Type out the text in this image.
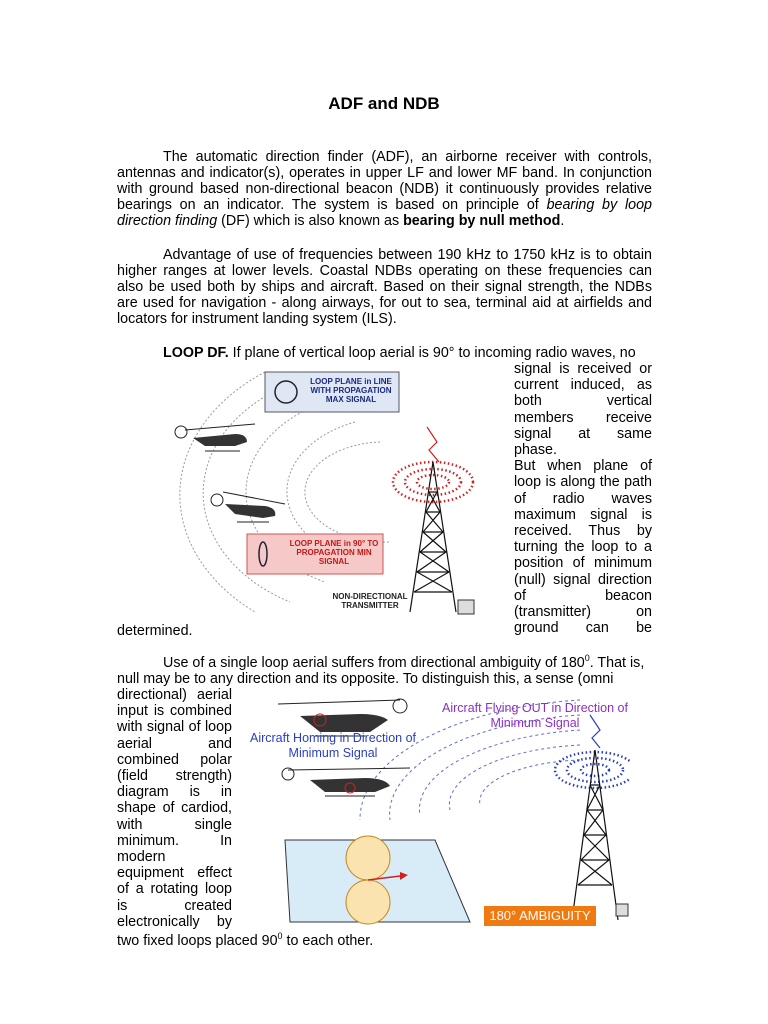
ADF and NDB

The automatic direction finder (ADF), an airborne receiver with controls, antennas and indicator(s), operates in upper LF and lower MF band. In conjunction with ground based non-directional beacon (NDB) it continuously provides relative bearings on an indicator. The system is based on principle of bearing by loop direction finding (DF) which is also known as bearing by null method.

Advantage of use of frequencies between 190 kHz to 1750 kHz is to obtain higher ranges at lower levels. Coastal NDBs operating on these frequencies can also be used both by ships and aircraft. Based on their signal strength, the NDBs are used for navigation - along airways, for out to sea, terminal aid at airfields and locators for instrument landing system (ILS).

LOOP DF. If plane of vertical loop aerial is 90° to incoming radio waves, no

signal is received or
current induced, as
both vertical
members receive
signal at same phase.
But when plane of
loop is along the path
of radio waves
maximum signal is
received. Thus by
turning the loop to a
position of minimum
(null) signal direction
of beacon
(transmitter) on
ground can be
determined.
LOOP PLANE in LINE WITH PROPAGATION MAX SIGNAL
LOOP PLANE in 90° TO PROPAGATION MIN SIGNAL
NON-DIRECTIONAL TRANSMITTER

Use of a single loop aerial suffers from directional ambiguity of $180^0$. That is,

null may be to any direction and its opposite. To distinguish this, a sense (omni

directional) aerial
input is combined
with signal of loop
aerial and
combined polar
(field strength)
diagram is in
shape of cardiod,
with single
minimum. In
modern
equipment effect
of a rotating loop
is created
electronically by

two fixed loops placed $90^0$ to each other.

Aircraft Flying OUT in Direction of Minimum Signal
Aircraft Homing in Direction of Minimum Signal
180° AMBIGUITY
